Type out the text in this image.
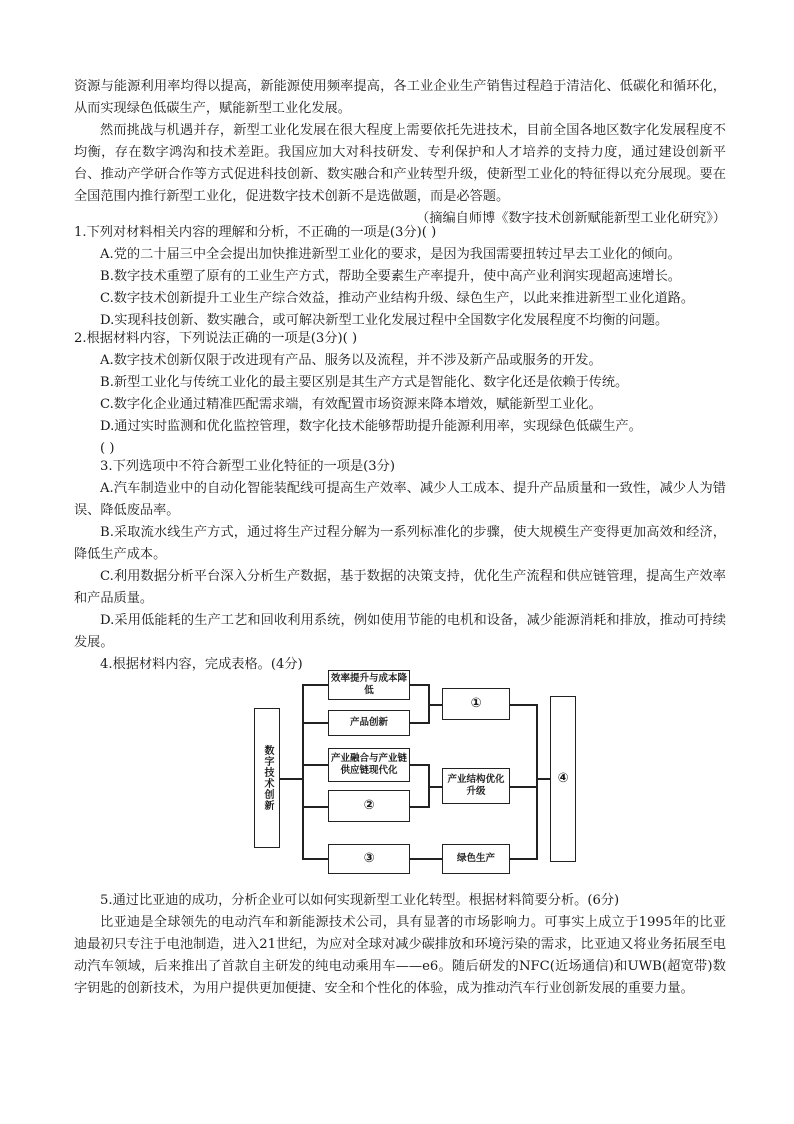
资源与能源利用率均得以提高，新能源使用频率提高，各工业企业生产销售过程趋于清洁化、低碳化和循环化，从而实现绿色低碳生产，赋能新型工业化发展。

然而挑战与机遇并存，新型工业化发展在很大程度上需要依托先进技术，目前全国各地区数字化发展程度不均衡，存在数字鸿沟和技术差距。我国应加大对科技研发、专利保护和人才培养的支持力度，通过建设创新平台、推动产学研合作等方式促进科技创新、数实融合和产业转型升级，使新型工业化的特征得以充分展现。要在全国范围内推行新型工业化，促进数字技术创新不是选做题，而是必答题。

（摘编自师博《数字技术创新赋能新型工业化研究》）

1.下列对材料相关内容的理解和分析，不正确的一项是(3分)( )

A.党的二十届三中全会提出加快推进新型工业化的要求，是因为我国需要扭转过早去工业化的倾向。

B.数字技术重塑了原有的工业生产方式，帮助全要素生产率提升，使中高产业利润实现超高速增长。

C.数字技术创新提升工业生产综合效益，推动产业结构升级、绿色生产，以此来推进新型工业化道路。

D.实现科技创新、数实融合，或可解决新型工业化发展过程中全国数字化发展程度不均衡的问题。

2.根据材料内容，下列说法正确的一项是(3分)( )

A.数字技术创新仅限于改进现有产品、服务以及流程，并不涉及新产品或服务的开发。

B.新型工业化与传统工业化的最主要区别是其生产方式是智能化、数字化还是依赖于传统。

C.数字化企业通过精准匹配需求端，有效配置市场资源来降本增效，赋能新型工业化。

D.通过实时监测和优化监控管理，数字化技术能够帮助提升能源利用率，实现绿色低碳生产。

( )

3.下列选项中不符合新型工业化特征的一项是(3分)

A.汽车制造业中的自动化智能装配线可提高生产效率、减少人工成本、提升产品质量和一致性，减少人为错误、降低废品率。

B.采取流水线生产方式，通过将生产过程分解为一系列标准化的步骤，使大规模生产变得更加高效和经济，降低生产成本。

C.利用数据分析平台深入分析生产数据，基于数据的决策支持，优化生产流程和供应链管理，提高生产效率和产品质量。

D.采用低能耗的生产工艺和回收利用系统，例如使用节能的电机和设备，减少能源消耗和排放，推动可持续发展。

4.根据材料内容，完成表格。(4分)

数字技术创新
效率提升与成本降低
产品创新
产业融合与产业链供应链现代化
②
③
①
产业结构优化升级
绿色生产
④

5.通过比亚迪的成功，分析企业可以如何实现新型工业化转型。根据材料简要分析。(6分)

比亚迪是全球领先的电动汽车和新能源技术公司，具有显著的市场影响力。可事实上成立于1995年的比亚迪最初只专注于电池制造，进入21世纪，为应对全球对减少碳排放和环境污染的需求，比亚迪又将业务拓展至电动汽车领域，后来推出了首款自主研发的纯电动乘用车——e6。随后研发的NFC(近场通信)和UWB(超宽带)数字钥匙的创新技术，为用户提供更加便捷、安全和个性化的体验，成为推动汽车行业创新发展的重要力量。
